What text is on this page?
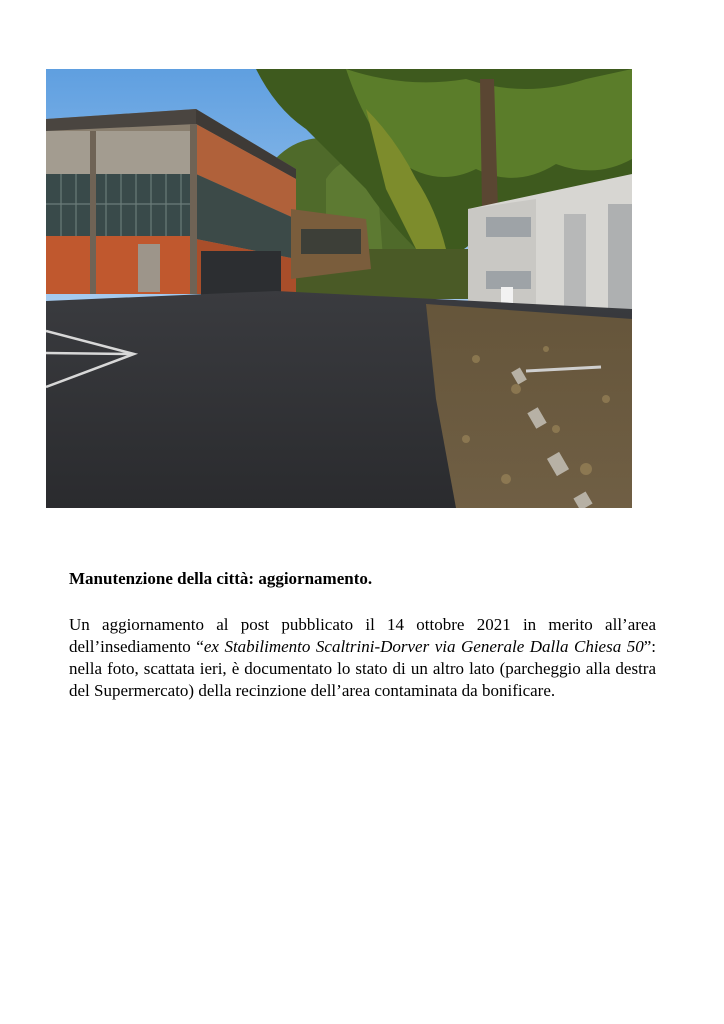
Manutenzione della città: aggiornamento.
Un aggiornamento al post pubblicato il 14 ottobre 2021 in merito all’area dell’insediamento “ex Stabilimento Scaltrini-Dorver via Generale Dalla Chiesa 50”: nella foto, scattata ieri, è documentato lo stato di un altro lato (parcheggio alla destra del Supermercato) della recinzione dell’area contaminata da bonificare.
